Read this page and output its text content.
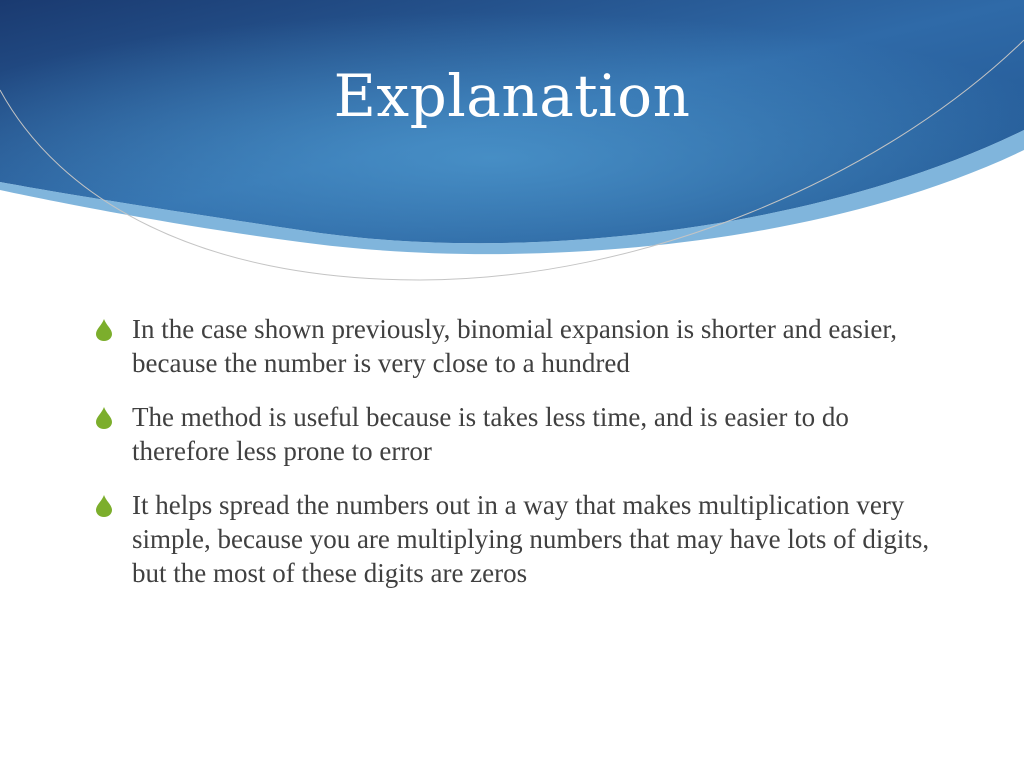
Explanation
In the case shown previously, binomial expansion is shorter and easier, because the number is very close to a hundred
The method is useful because is takes less time, and is easier to do therefore less prone to error
It helps spread the numbers out in a way that makes multiplication very simple, because you are multiplying numbers that may have lots of digits, but the most of these digits are zeros
